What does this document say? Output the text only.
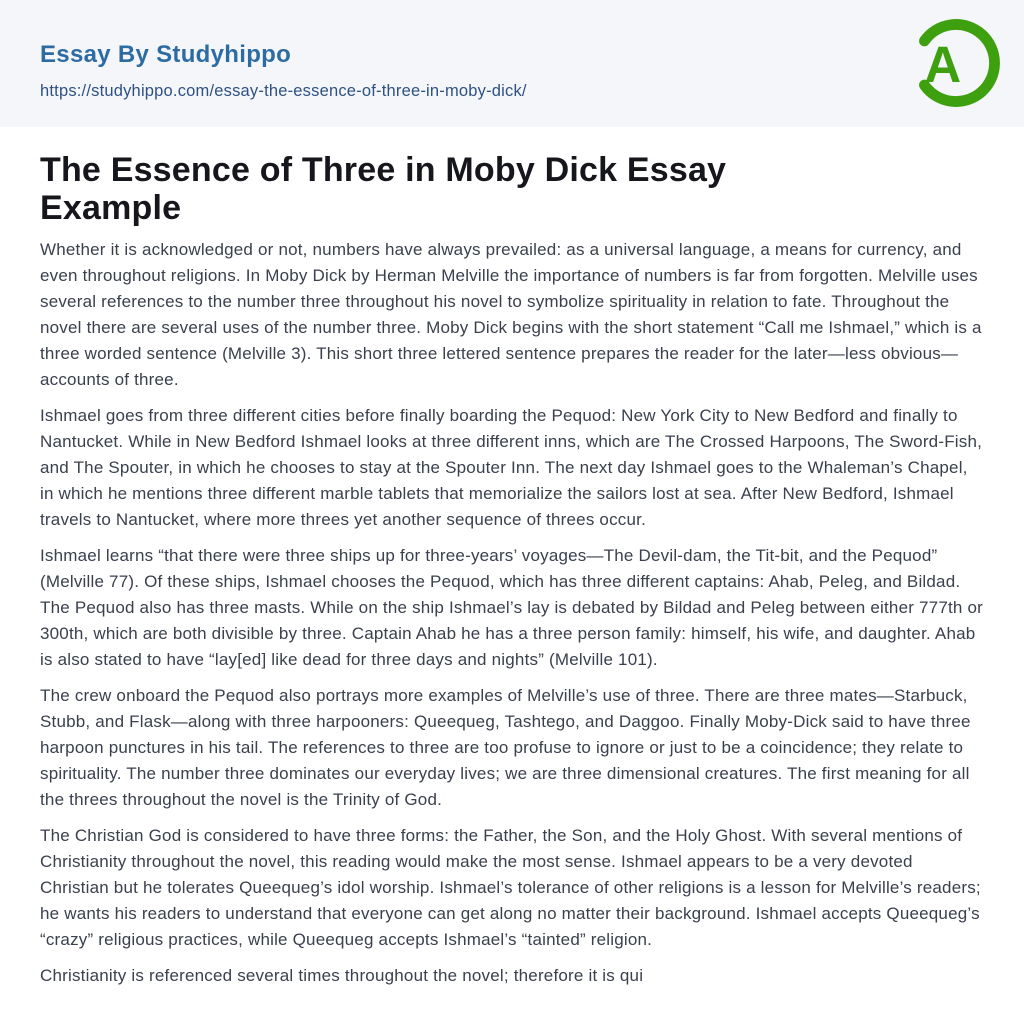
Essay By Studyhippo
https://studyhippo.com/essay-the-essence-of-three-in-moby-dick/	A
The Essence of Three in Moby Dick Essay Example

Whether it is acknowledged or not, numbers have always prevailed: as a universal language, a means for currency, and even throughout religions. In Moby Dick by Herman Melville the importance of numbers is far from forgotten. Melville uses several references to the number three throughout his novel to symbolize spirituality in relation to fate. Throughout the novel there are several uses of the number three. Moby Dick begins with the short statement “Call me Ishmael,” which is a three worded sentence (Melville 3). This short three lettered sentence prepares the reader for the later—less obvious—accounts of three.

Ishmael goes from three different cities before finally boarding the Pequod: New York City to New Bedford and finally to Nantucket. While in New Bedford Ishmael looks at three different inns, which are The Crossed Harpoons, The Sword-Fish, and The Spouter, in which he chooses to stay at the Spouter Inn. The next day Ishmael goes to the Whaleman’s Chapel, in which he mentions three different marble tablets that memorialize the sailors lost at sea. After New Bedford, Ishmael travels to Nantucket, where more threes yet another sequence of threes occur.

Ishmael learns “that there were three ships up for three-years’ voyages—The Devil-dam, the Tit-bit, and the Pequod” (Melville 77). Of these ships, Ishmael chooses the Pequod, which has three different captains: Ahab, Peleg, and Bildad. The Pequod also has three masts. While on the ship Ishmael’s lay is debated by Bildad and Peleg between either 777th or 300th, which are both divisible by three. Captain Ahab he has a three person family: himself, his wife, and daughter. Ahab is also stated to have “lay[ed] like dead for three days and nights” (Melville 101).

The crew onboard the Pequod also portrays more examples of Melville’s use of three. There are three mates—Starbuck, Stubb, and Flask—along with three harpooners: Queequeg, Tashtego, and Daggoo. Finally Moby-Dick said to have three harpoon punctures in his tail. The references to three are too profuse to ignore or just to be a coincidence; they relate to spirituality. The number three dominates our everyday lives; we are three dimensional creatures. The first meaning for all the threes throughout the novel is the Trinity of God.

The Christian God is considered to have three forms: the Father, the Son, and the Holy Ghost. With several mentions of Christianity throughout the novel, this reading would make the most sense. Ishmael appears to be a very devoted Christian but he tolerates Queequeg’s idol worship. Ishmael’s tolerance of other religions is a lesson for Melville’s readers; he wants his readers to understand that everyone can get along no matter their background. Ishmael accepts Queequeg’s “crazy” religious practices, while Queequeg accepts Ishmael’s “tainted” religion.

Christianity is referenced several times throughout the novel; therefore it is qui
